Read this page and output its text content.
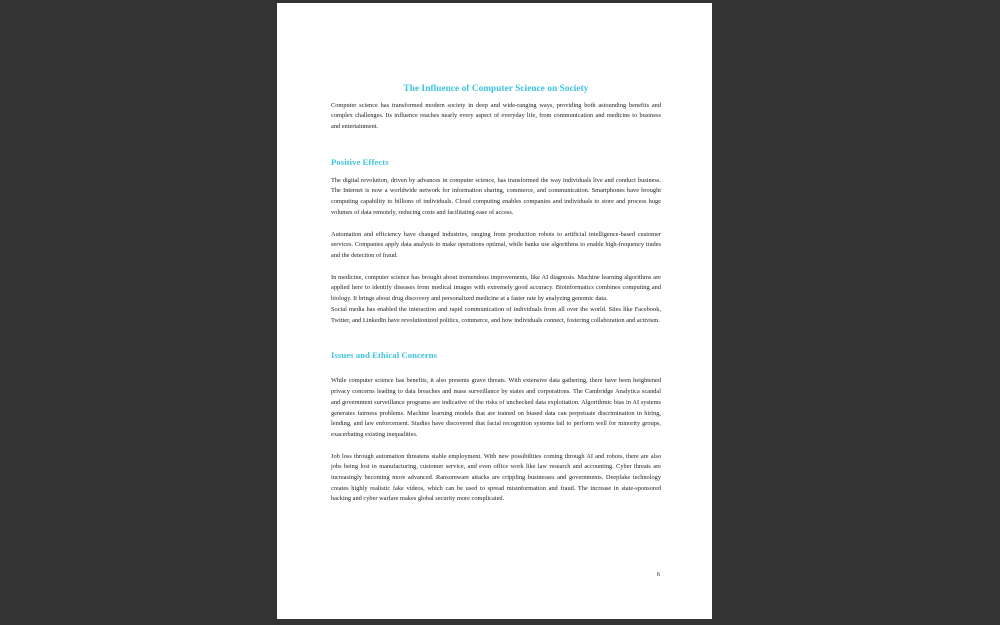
The Influence of Computer Science on Society

Computer science has transformed modern society in deep and wide-ranging ways, providing both astounding benefits and complex challenges. Its influence reaches nearly every aspect of everyday life, from communication and medicine to business and entertainment.

Positive Effects

The digital revolution, driven by advances in computer science, has transformed the way individuals live and conduct business. The Internet is now a worldwide network for information sharing, commerce, and communication. Smartphones have brought computing capability to billions of individuals. Cloud computing enables companies and individuals to store and process huge volumes of data remotely, reducing costs and facilitating ease of access.

Automation and efficiency have changed industries, ranging from production robots to artificial intelligence-based customer services. Companies apply data analysis to make operations optimal, while banks use algorithms to enable high-frequency trades and the detection of fraud.

In medicine, computer science has brought about tremendous improvements, like AI diagnosis. Machine learning algorithms are applied here to identify diseases from medical images with extremely good accuracy. Bioinformatics combines computing and biology. It brings about drug discovery and personalized medicine at a faster rate by analyzing genomic data.

Social media has enabled the interaction and rapid communication of individuals from all over the world. Sites like Facebook, Twitter, and LinkedIn have revolutionized politics, commerce, and how individuals connect, fostering collaboration and activism.

Issues and Ethical Concerns

While computer science has benefits, it also presents grave threats. With extensive data gathering, there have been heightened privacy concerns leading to data breaches and mass surveillance by states and corporations. The Cambridge Analytica scandal and government surveillance programs are indicative of the risks of unchecked data exploitation. Algorithmic bias in AI systems generates fairness problems. Machine learning models that are trained on biased data can perpetuate discrimination in hiring, lending, and law enforcement. Studies have discovered that facial recognition systems fail to perform well for minority groups, exacerbating existing inequalities.

Job loss through automation threatens stable employment. With new possibilities coming through AI and robots, there are also jobs being lost in manufacturing, customer service, and even office work like law research and accounting. Cyber threats are increasingly becoming more advanced. Ransomware attacks are crippling businesses and governments. Deepfake technology creates highly realistic fake videos, which can be used to spread misinformation and fraud. The increase in state-sponsored hacking and cyber warfare makes global security more complicated.

6
